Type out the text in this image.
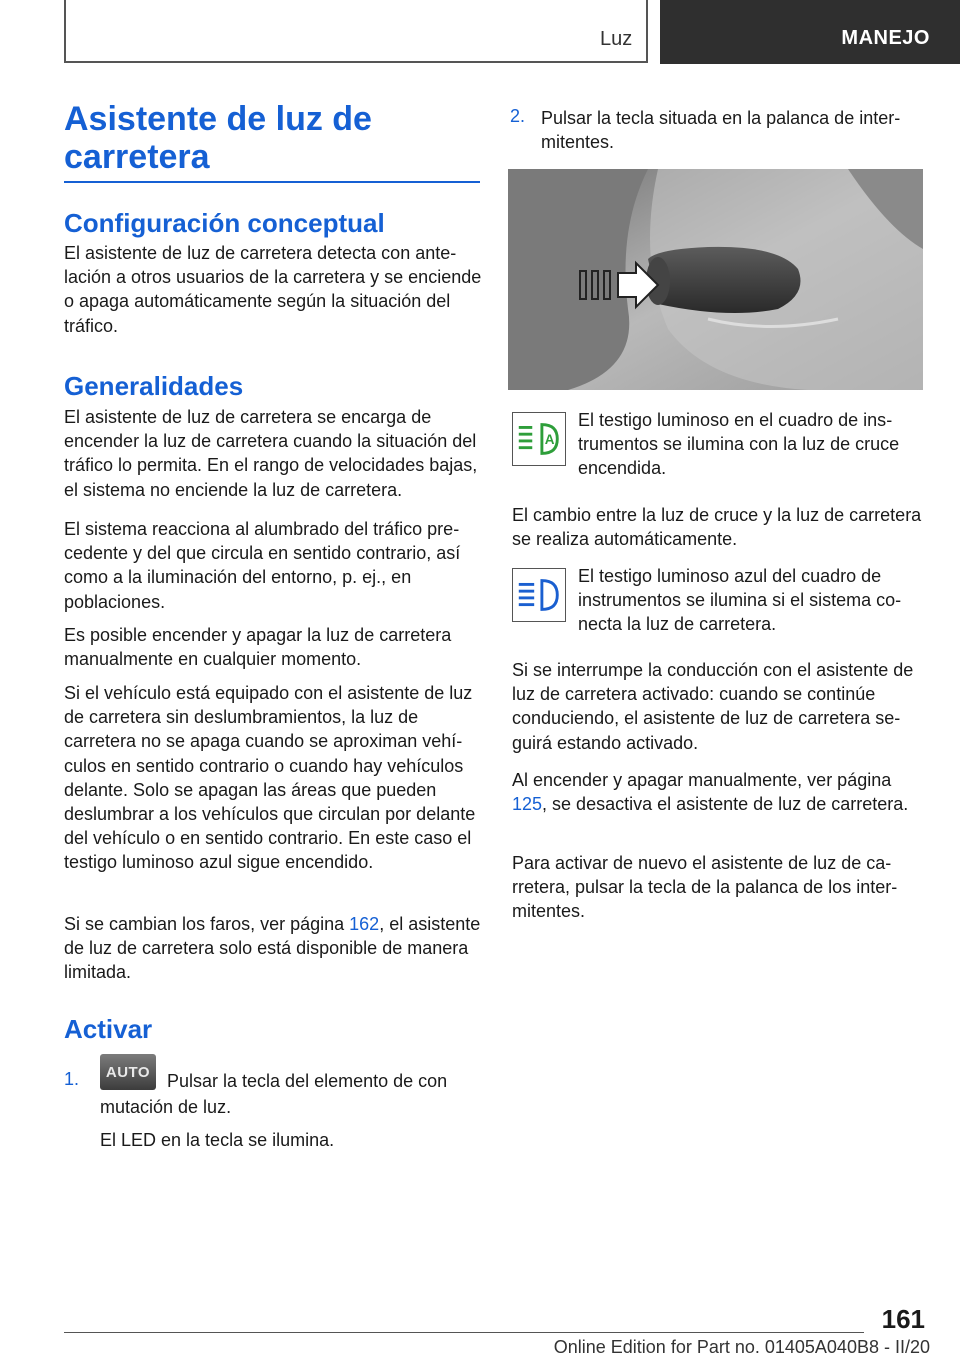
Luz	MANEJO
Asistente de luz de carretera
Configuración conceptual

El asistente de luz de carretera detecta con antelación a otros usuarios de la carretera y se enciende o apaga automáticamente según la situación del tráfico.

Generalidades

El asistente de luz de carretera se encarga de encender la luz de carretera cuando la situación del tráfico lo permita. En el rango de velocidades bajas, el sistema no enciende la luz de carretera.

El sistema reacciona al alumbrado del tráfico precedente y del que circula en sentido contrario, así como a la iluminación del entorno, p. ej., en poblaciones.

Es posible encender y apagar la luz de carretera manualmente en cualquier momento.

Si el vehículo está equipado con el asistente de luz de carretera sin deslumbramientos, la luz de carretera no se apaga cuando se aproximan vehículos en sentido contrario o cuando hay vehículos delante. Solo se apagan las áreas que pueden deslumbrar a los vehículos que circulan por delante del vehículo o en sentido contrario. En este caso el testigo luminoso azul sigue encendido.

Si se cambian los faros, ver página 162, el asistente de luz de carretera solo está disponible de manera limitada.

Activar
1.	AUTO Pulsar la tecla del elemento de con
mutación de luz.
El LED en la tecla se ilumina.
2. Pulsar la tecla situada en la palanca de intermitentes.
A

El testigo luminoso en el cuadro de instrumentos se ilumina con la luz de cruce encendida.

El cambio entre la luz de cruce y la luz de carretera se realiza automáticamente.

El testigo luminoso azul del cuadro de instrumentos se ilumina si el sistema conecta la luz de carretera.

Si se interrumpe la conducción con el asistente de luz de carretera activado: cuando se continúe conduciendo, el asistente de luz de carretera seguirá estando activado.

Al encender y apagar manualmente, ver página 125, se desactiva el asistente de luz de carretera.

Para activar de nuevo el asistente de luz de carretera, pulsar la tecla de la palanca de los intermitentes.

161
Online Edition for Part no. 01405A040B8 - II/20
